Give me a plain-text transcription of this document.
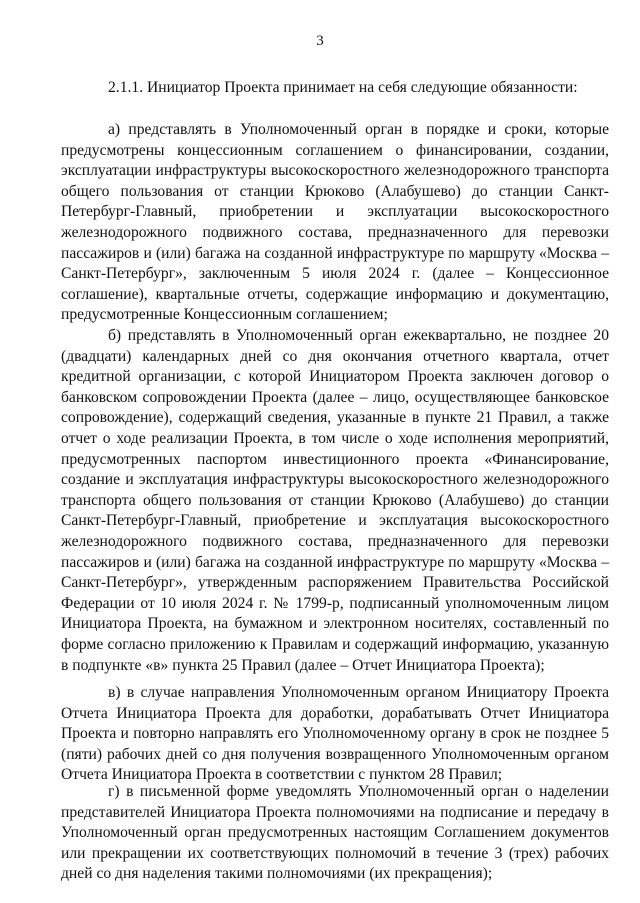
3
2.1.1. Инициатор Проекта принимает на себя следующие обязанности:

а) представлять в Уполномоченный орган в порядке и сроки, которые предусмотрены концессионным соглашением о финансировании, создании, эксплуатации инфраструктуры высокоскоростного железнодорожного транспорта общего пользования от станции Крюково (Алабушево) до станции Санкт-Петербург-Главный, приобретении и эксплуатации высокоскоростного железнодорожного подвижного состава, предназначенного для перевозки пассажиров и (или) багажа на созданной инфраструктуре по маршруту «Москва – Санкт-Петербург», заключенным 5 июля 2024 г. (далее – Концессионное соглашение), квартальные отчеты, содержащие информацию и документацию, предусмотренные Концессионным соглашением;

б) представлять в Уполномоченный орган ежеквартально, не позднее 20 (двадцати) календарных дней со дня окончания отчетного квартала, отчет кредитной организации, с которой Инициатором Проекта заключен договор о банковском сопровождении Проекта (далее – лицо, осуществляющее банковское сопровождение), содержащий сведения, указанные в пункте 21 Правил, а также отчет о ходе реализации Проекта, в том числе о ходе исполнения мероприятий, предусмотренных паспортом инвестиционного проекта «Финансирование, создание и эксплуатация инфраструктуры высокоскоростного железнодорожного транспорта общего пользования от станции Крюково (Алабушево) до станции Санкт-Петербург-Главный, приобретение и эксплуатация высокоскоростного железнодорожного подвижного состава, предназначенного для перевозки пассажиров и (или) багажа на созданной инфраструктуре по маршруту «Москва – Санкт-Петербург», утвержденным распоряжением Правительства Российской Федерации от 10 июля 2024 г. № 1799-р, подписанный уполномоченным лицом Инициатора Проекта, на бумажном и электронном носителях, составленный по форме согласно приложению к Правилам и содержащий информацию, указанную в подпункте «в» пункта 25 Правил (далее – Отчет Инициатора Проекта);

в) в случае направления Уполномоченным органом Инициатору Проекта Отчета Инициатора Проекта для доработки, дорабатывать Отчет Инициатора Проекта и повторно направлять его Уполномоченному органу в срок не позднее 5 (пяти) рабочих дней со дня получения возвращенного Уполномоченным органом Отчета Инициатора Проекта в соответствии с пунктом 28 Правил;

г) в письменной форме уведомлять Уполномоченный орган о наделении представителей Инициатора Проекта полномочиями на подписание и передачу в Уполномоченный орган предусмотренных настоящим Соглашением документов или прекращении их соответствующих полномочий в течение 3 (трех) рабочих дней со дня наделения такими полномочиями (их прекращения);
